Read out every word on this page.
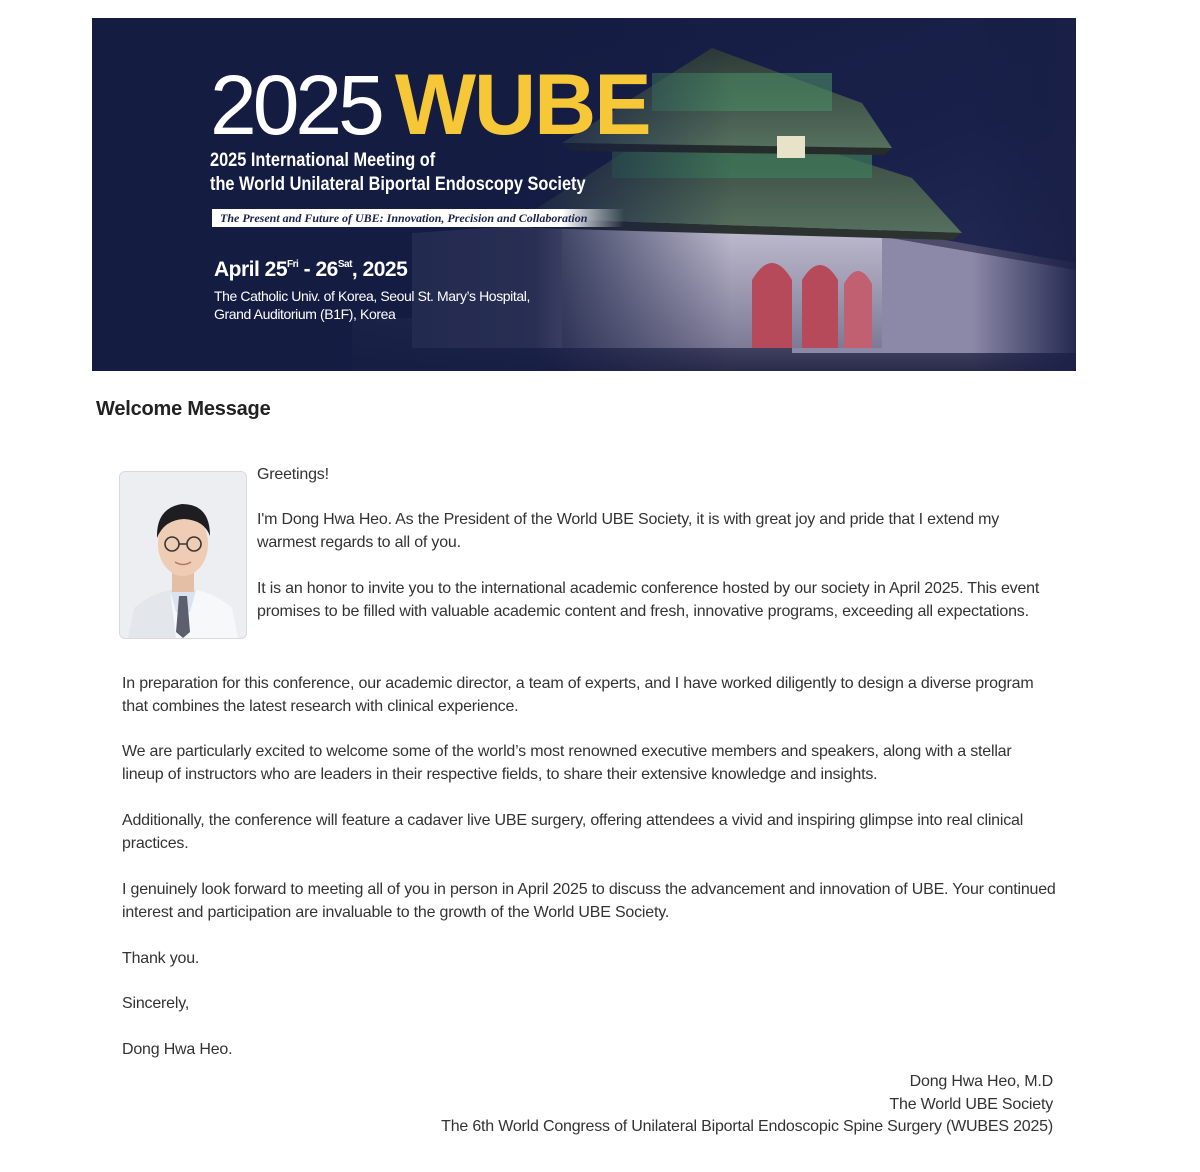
2025 WUBE
2025 International Meeting of
the World Unilateral Biportal Endoscopy Society
The Present and Future of UBE: Innovation, Precision and Collaboration
April $25^{Fri} - 26^{Sat}$, 2025
The Catholic Univ. of Korea, Seoul St. Mary’s Hospital,
Grand Auditorium (B1F), Korea
Welcome Message

Greetings!

I'm Dong Hwa Heo. As the President of the World UBE Society, it is with great joy and pride that I extend my warmest regards to all of you.

It is an honor to invite you to the international academic conference hosted by our society in April 2025. This event promises to be filled with valuable academic content and fresh, innovative programs, exceeding all expectations.

In preparation for this conference, our academic director, a team of experts, and I have worked diligently to design a diverse program that combines the latest research with clinical experience.

We are particularly excited to welcome some of the world’s most renowned executive members and speakers, along with a stellar lineup of instructors who are leaders in their respective fields, to share their extensive knowledge and insights.

Additionally, the conference will feature a cadaver live UBE surgery, offering attendees a vivid and inspiring glimpse into real clinical practices.

I genuinely look forward to meeting all of you in person in April 2025 to discuss the advancement and innovation of UBE. Your continued interest and participation are invaluable to the growth of the World UBE Society.

Thank you.

Sincerely,

Dong Hwa Heo.

Dong Hwa Heo, M.D
The World UBE Society
The 6th World Congress of Unilateral Biportal Endoscopic Spine Surgery (WUBES 2025)
